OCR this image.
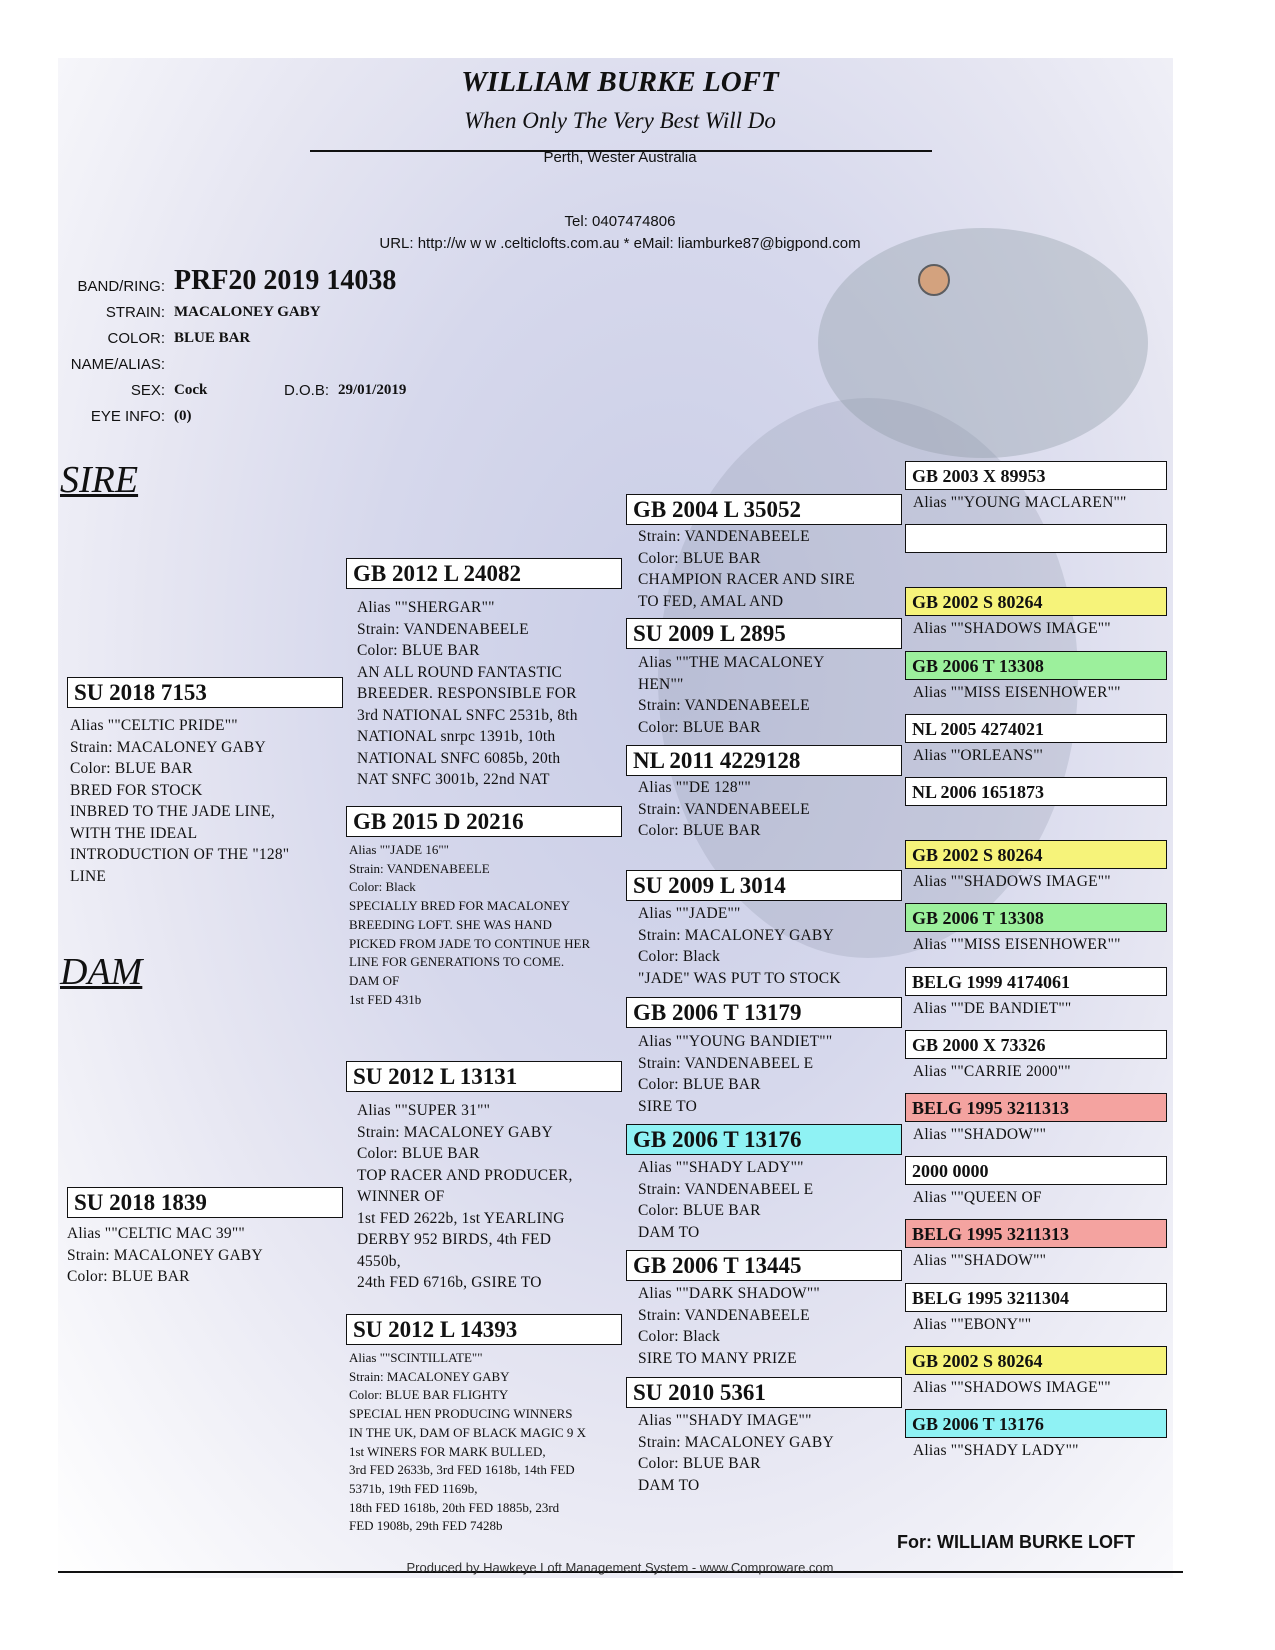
WILLIAM BURKE LOFT
When Only The Very Best Will Do
Perth, Wester Australia
Tel: 0407474806
URL: http://w w w .celticlofts.com.au * eMail: liamburke87@bigpond.com
BAND/RING: PRF20 2019 14038
STRAIN: MACALONEY GABY
COLOR: BLUE BAR
NAME/ALIAS:
SEX: Cock	D.O.B: 29/01/2019
EYE INFO: (0)
SIRE
DAM
SU 2018 7153
Alias ""CELTIC PRIDE""
Strain: MACALONEY GABY
Color: BLUE BAR
BRED FOR STOCK
INBRED TO THE JADE LINE,
WITH THE IDEAL
INTRODUCTION OF THE "128"
LINE
SU 2018 1839
Alias ""CELTIC MAC 39""
Strain: MACALONEY GABY
Color: BLUE BAR
GB 2012 L 24082
Alias ""SHERGAR""
Strain: VANDENABEELE
Color: BLUE BAR
AN ALL ROUND FANTASTIC
BREEDER. RESPONSIBLE FOR
3rd NATIONAL SNFC 2531b, 8th
NATIONAL snrpc 1391b, 10th
NATIONAL SNFC 6085b, 20th
NAT SNFC 3001b, 22nd NAT
GB 2015 D 20216
Alias ""JADE 16""
Strain: VANDENABEELE
Color: Black
SPECIALLY BRED FOR MACALONEY
BREEDING LOFT. SHE WAS HAND
PICKED FROM JADE TO CONTINUE HER
LINE FOR GENERATIONS TO COME.
DAM OF
1st FED 431b
SU 2012 L 13131
Alias ""SUPER 31""
Strain: MACALONEY GABY
Color: BLUE BAR
TOP RACER AND PRODUCER,
WINNER OF
1st FED 2622b, 1st YEARLING
DERBY 952 BIRDS, 4th FED
4550b,
24th FED 6716b, GSIRE TO
SU 2012 L 14393
Alias ""SCINTILLATE""
Strain: MACALONEY GABY
Color: BLUE BAR FLIGHTY
SPECIAL HEN PRODUCING WINNERS
IN THE UK, DAM OF BLACK MAGIC 9 X
1st WINERS FOR MARK BULLED,
3rd FED 2633b, 3rd FED 1618b, 14th FED
5371b, 19th FED 1169b,
18th FED 1618b, 20th FED 1885b, 23rd
FED 1908b, 29th FED 7428b
GB 2004 L 35052
Strain: VANDENABEELE
Color: BLUE BAR
CHAMPION RACER AND SIRE
TO FED, AMAL AND
SU 2009 L 2895
Alias ""THE MACALONEY
HEN""
Strain: VANDENABEELE
Color: BLUE BAR
NL 2011 4229128
Alias ""DE 128""
Strain: VANDENABEELE
Color: BLUE BAR
SU 2009 L 3014
Alias ""JADE""
Strain: MACALONEY GABY
Color: Black
"JADE" WAS PUT TO STOCK
GB 2006 T 13179
Alias ""YOUNG BANDIET""
Strain: VANDENABEEL E
Color: BLUE BAR
SIRE TO
GB 2006 T 13176
Alias ""SHADY LADY""
Strain: VANDENABEEL E
Color: BLUE BAR
DAM TO
GB 2006 T 13445
Alias ""DARK SHADOW""
Strain: VANDENABEELE
Color: Black
SIRE TO MANY PRIZE
SU 2010 5361
Alias ""SHADY IMAGE""
Strain: MACALONEY GABY
Color: BLUE BAR
DAM TO
GB 2003 X 89953
Alias ""YOUNG MACLAREN""
GB 2002 S 80264
Alias ""SHADOWS IMAGE""
GB 2006 T 13308
Alias ""MISS EISENHOWER""
NL 2005 4274021
Alias "'ORLEANS"'
NL 2006 1651873
GB 2002 S 80264
Alias ""SHADOWS IMAGE""
GB 2006 T 13308
Alias ""MISS EISENHOWER""
BELG 1999 4174061
Alias ""DE BANDIET""
GB 2000 X 73326
Alias ""CARRIE 2000""
BELG 1995 3211313
Alias ""SHADOW""
2000 0000
Alias ""QUEEN OF
BELG 1995 3211313
Alias ""SHADOW""
BELG 1995 3211304
Alias ""EBONY""
GB 2002 S 80264
Alias ""SHADOWS IMAGE""
GB 2006 T 13176
Alias ""SHADY LADY""
For: WILLIAM BURKE LOFT
Produced by Hawkeye Loft Management System - www.Comproware.com
